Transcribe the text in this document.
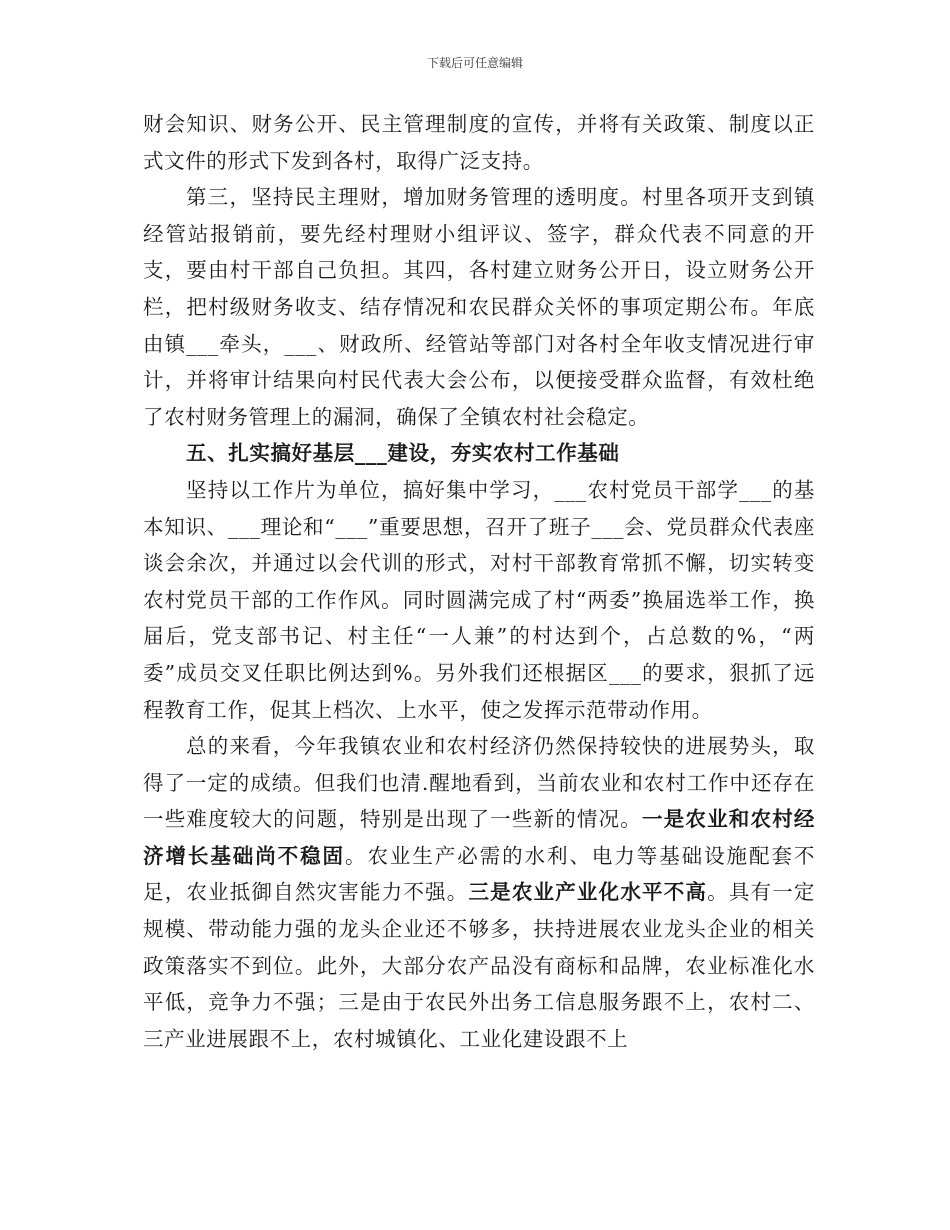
下载后可任意编辑

财会知识、财务公开、民主管理制度的宣传，并将有关政策、制度以正式文件的形式下发到各村，取得广泛支持。

第三，坚持民主理财，增加财务管理的透明度。村里各项开支到镇经管站报销前，要先经村理财小组评议、签字，群众代表不同意的开支，要由村干部自己负担。其四，各村建立财务公开日，设立财务公开栏，把村级财务收支、结存情况和农民群众关怀的事项定期公布。年底由镇___牵头，___、财政所、经管站等部门对各村全年收支情况进行审计，并将审计结果向村民代表大会公布，以便接受群众监督，有效杜绝了农村财务管理上的漏洞，确保了全镇农村社会稳定。

五、扎实搞好基层___建设，夯实农村工作基础

坚持以工作片为单位，搞好集中学习，___农村党员干部学___的基本知识、___理论和“___”重要思想，召开了班子___会、党员群众代表座谈会余次，并通过以会代训的形式，对村干部教育常抓不懈，切实转变农村党员干部的工作作风。同时圆满完成了村“两委”换届选举工作，换届后，党支部书记、村主任“一人兼”的村达到个，占总数的%，“两委”成员交叉任职比例达到%。另外我们还根据区___的要求，狠抓了远程教育工作，促其上档次、上水平，使之发挥示范带动作用。

总的来看，今年我镇农业和农村经济仍然保持较快的进展势头，取得了一定的成绩。但我们也清.醒地看到，当前农业和农村工作中还存在一些难度较大的问题，特别是出现了一些新的情况。一是农业和农村经济增长基础尚不稳固。农业生产必需的水利、电力等基础设施配套不足，农业抵御自然灾害能力不强。三是农业产业化水平不高。具有一定规模、带动能力强的龙头企业还不够多，扶持进展农业龙头企业的相关政策落实不到位。此外，大部分农产品没有商标和品牌，农业标准化水平低，竞争力不强；三是由于农民外出务工信息服务跟不上，农村二、三产业进展跟不上，农村城镇化、工业化建设跟不上
